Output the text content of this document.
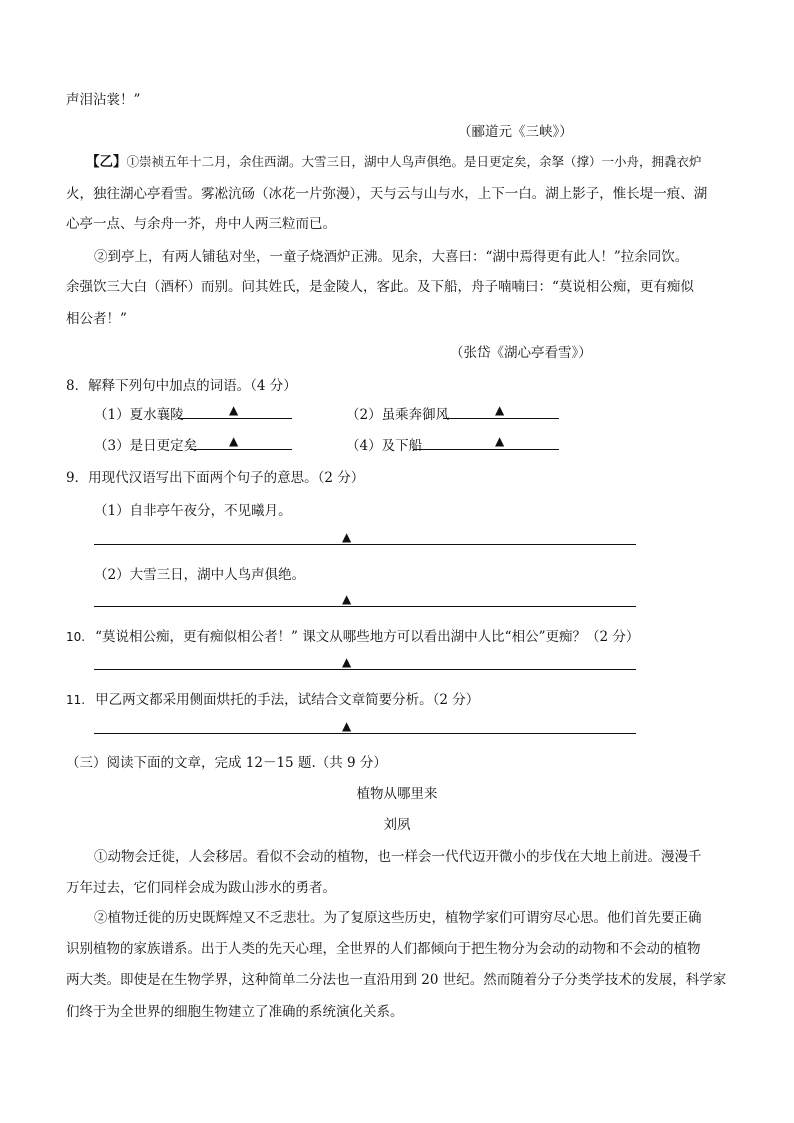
声泪沾裳！”
（郦道元《三峡》）
【乙】①崇祯五年十二月，余住西湖。大雪三日，湖中人鸟声俱绝。是日更定矣，余拏（撑）一小舟，拥毳衣炉
火，独往湖心亭看雪。雾凇沆砀（冰花一片弥漫），天与云与山与水，上下一白。湖上影子，惟长堤一痕、湖
心亭一点、与余舟一芥，舟中人两三粒而已。
②到亭上，有两人铺毡对坐，一童子烧酒炉正沸。见余，大喜曰：“湖中焉得更有此人！”拉余同饮。
余强饮三大白（酒杯）而别。问其姓氏，是金陵人，客此。及下船，舟子喃喃曰：“莫说相公痴，更有痴似
相公者！”
（张岱《湖心亭看雪》）
8．解释下列句中加点的词语。（4 分）
（1）夏水襄陵	▲	（2）虽乘奔御风	▲
（3）是日更定矣	▲	（4）及下船	▲
9．用现代汉语写出下面两个句子的意思。（2 分）
（1）自非亭午夜分，不见曦月。
▲
（2）大雪三日，湖中人鸟声俱绝。
▲
10. “莫说相公痴，更有痴似相公者！” 课文从哪些地方可以看出湖中人比“相公”更痴？（2 分）
▲
11. 甲乙两文都采用侧面烘托的手法，试结合文章简要分析。（2 分）
▲
（三）阅读下面的文章，完成 12－15 题.（共 9 分）
植物从哪里来
刘夙
①动物会迁徙，人会移居。看似不会动的植物，也一样会一代代迈开微小的步伐在大地上前进。漫漫千
万年过去，它们同样会成为跋山涉水的勇者。
②植物迁徙的历史既辉煌又不乏悲壮。为了复原这些历史，植物学家们可谓穷尽心思。他们首先要正确
识别植物的家族谱系。出于人类的先天心理，全世界的人们都倾向于把生物分为会动的动物和不会动的植物
两大类。即使是在生物学界，这种简单二分法也一直沿用到 20 世纪。然而随着分子分类学技术的发展，科学家
们终于为全世界的细胞生物建立了准确的系统演化关系。
